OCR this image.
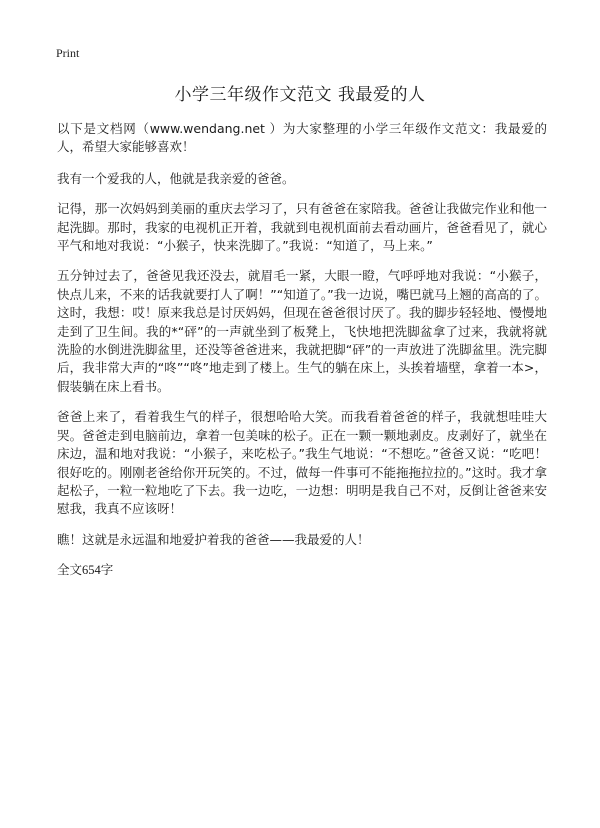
Print
小学三年级作文范文 我最爱的人

以下是文档网（www.wendang.net ）为大家整理的小学三年级作文范文：我最爱的人，希望大家能够喜欢！

我有一个爱我的人，他就是我亲爱的爸爸。

记得，那一次妈妈到美丽的重庆去学习了，只有爸爸在家陪我。爸爸让我做完作业和他一起洗脚。那时，我家的电视机正开着，我就到电视机面前去看动画片，爸爸看见了，就心平气和地对我说：“小猴子，快来洗脚了。”我说：“知道了，马上来。”

五分钟过去了，爸爸见我还没去，就眉毛一紧，大眼一瞪，气呼呼地对我说：“小猴子，快点儿来，不来的话我就要打人了啊！”“知道了。”我一边说，嘴巴就马上翘的高高的了。这时，我想：哎！原来我总是讨厌妈妈，但现在爸爸很讨厌了。我的脚步轻轻地、慢慢地走到了卫生间。我的*“砰”的一声就坐到了板凳上，飞快地把洗脚盆拿了过来，我就将就洗脸的水倒进洗脚盆里，还没等爸爸进来，我就把脚“砰”的一声放进了洗脚盆里。洗完脚后，我非常大声的“咚”“咚”地走到了楼上。生气的躺在床上，头挨着墙壁，拿着一本>，假装躺在床上看书。

爸爸上来了，看着我生气的样子，很想哈哈大笑。而我看着爸爸的样子，我就想哇哇大哭。爸爸走到电脑前边，拿着一包美味的松子。正在一颗一颗地剥皮。皮剥好了，就坐在床边，温和地对我说：“小猴子，来吃松子。”我生气地说：“不想吃。”爸爸又说：“吃吧！很好吃的。刚刚老爸给你开玩笑的。不过，做每一件事可不能拖拖拉拉的。”这时。我才拿起松子，一粒一粒地吃了下去。我一边吃，一边想：明明是我自己不对，反倒让爸爸来安慰我，我真不应该呀！

瞧！这就是永远温和地爱护着我的爸爸——我最爱的人！

全文654字
